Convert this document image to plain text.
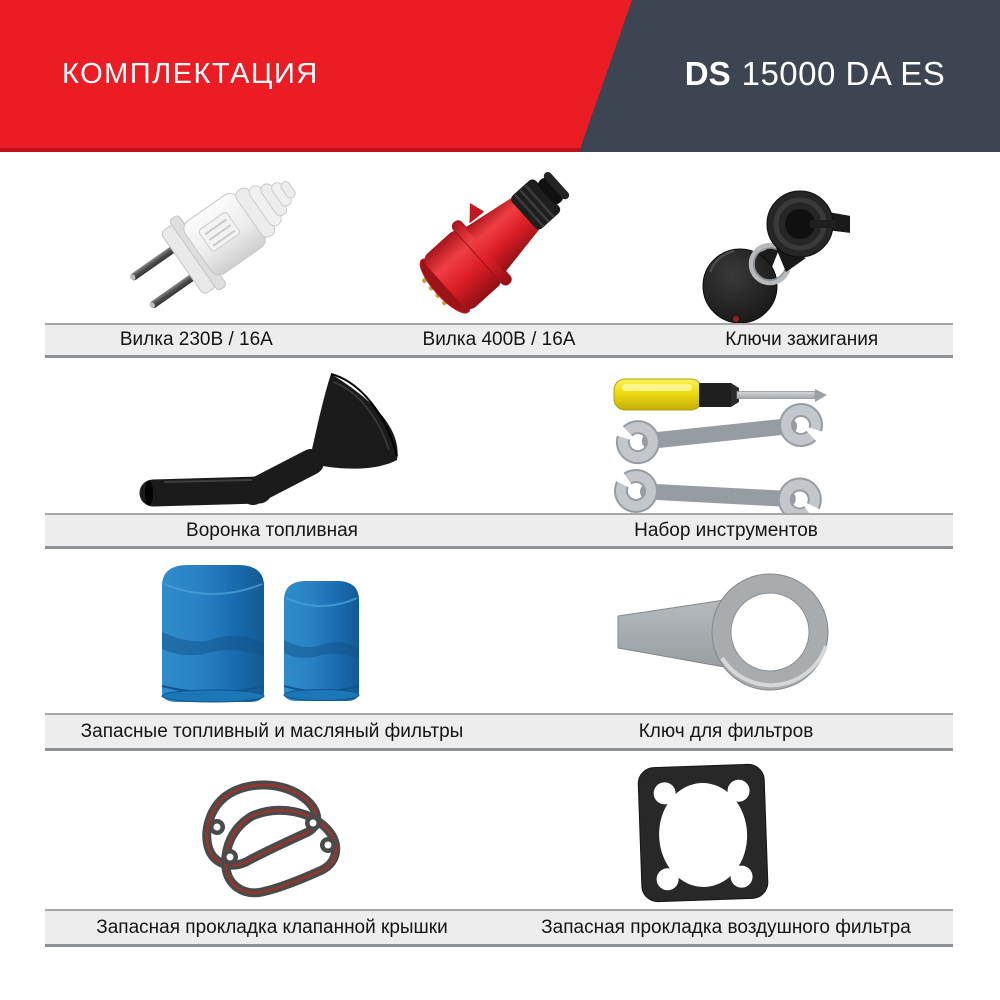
КОМПЛЕКТАЦИЯ	DS 15000 DA ES
Вилка 230В / 16А	Вилка 400В / 16А	Ключи зажигания
Воронка топливная	Набор инструментов
Запасные топливный и масляный фильтры	Ключ для фильтров
Запасная прокладка клапанной крышки	Запасная прокладка воздушного фильтра
